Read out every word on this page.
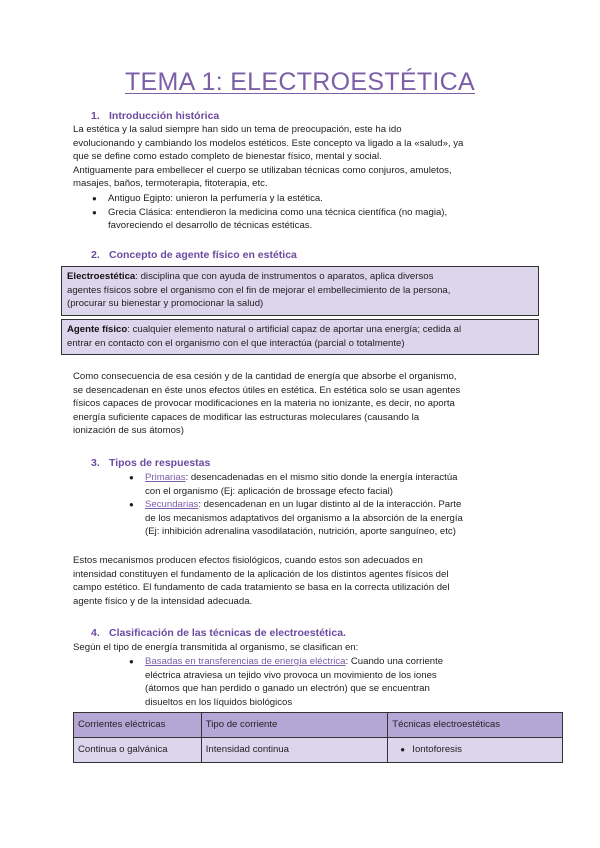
TEMA 1: ELECTROESTÉTICA
1. Introducción histórica
La estética y la salud siempre han sido un tema de preocupación, este ha ido
evolucionando y cambiando los modelos estéticos. Este concepto va ligado a la «salud», ya
que se define como estado completo de bienestar físico, mental y social.
Antiguamente para embellecer el cuerpo se utilizaban técnicas como conjuros, amuletos,
masajes, baños, termoterapia, fitoterapia, etc.
● Antiguo Egipto: unieron la perfumería y la estética.
● Grecia Clásica: entendieron la medicina como una técnica científica (no magia),
favoreciendo el desarrollo de técnicas estéticas.
2. Concepto de agente físico en estética
Electroestética: disciplina que con ayuda de instrumentos o aparatos, aplica diversos
agentes físicos sobre el organismo con el fin de mejorar el embellecimiento de la persona,
(procurar su bienestar y promocionar la salud)
Agente físico: cualquier elemento natural o artificial capaz de aportar una energía; cedida al
entrar en contacto con el organismo con el que interactúa (parcial o totalmente)
Como consecuencia de esa cesión y de la cantidad de energía que absorbe el organismo,
se desencadenan en éste unos efectos útiles en estética. En estética solo se usan agentes
físicos capaces de provocar modificaciones en la materia no ionizante, es decir, no aporta
energía suficiente capaces de modificar las estructuras moleculares (causando la
ionización de sus átomos)
3. Tipos de respuestas
● Primarias: desencadenadas en el mismo sitio donde la energía interactúa
con el organismo (Ej: aplicación de brossage efecto facial)
● Secundarias: desencadenan en un lugar distinto al de la interacción. Parte
de los mecanismos adaptativos del organismo a la absorción de la energía
(Ej: inhibición adrenalina vasodilatación, nutrición, aporte sanguíneo, etc)
Estos mecanismos producen efectos fisiológicos, cuando estos son adecuados en
intensidad constituyen el fundamento de la aplicación de los distintos agentes físicos del
campo estético. El fundamento de cada tratamiento se basa en la correcta utilización del
agente físico y de la intensidad adecuada.
4. Clasificación de las técnicas de electroestética.
Según el tipo de energía transmitida al organismo, se clasifican en:
● Basadas en transferencias de energía eléctrica: Cuando una corriente
eléctrica atraviesa un tejido vivo provoca un movimiento de los iones
(átomos que han perdido o ganado un electrón) que se encuentran
disueltos en los líquidos biológicos
Corrientes eléctricas	Tipo de corriente	Técnicas electroestéticas
Continua o galvánica	Intensidad continua	● Iontoforesis
